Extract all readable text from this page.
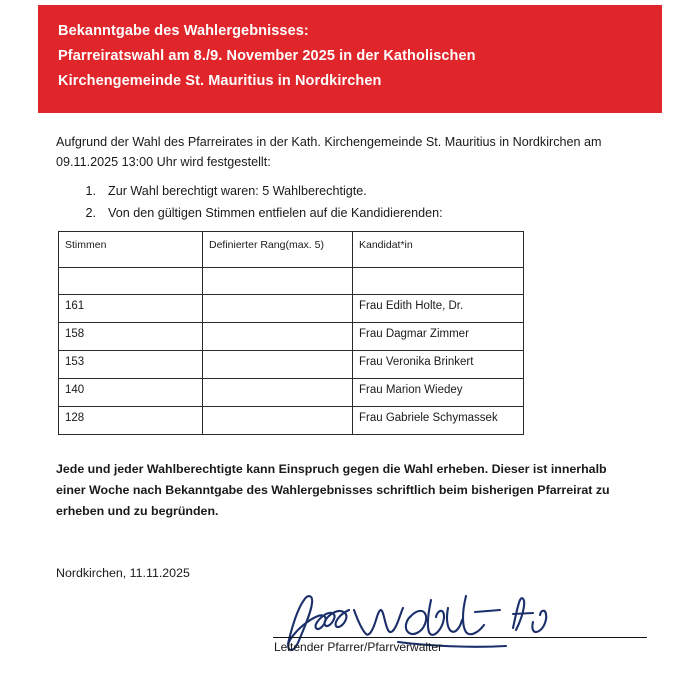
Bekanntgabe des Wahlergebnisses:
Pfarreiratswahl am 8./9. November 2025 in der Katholischen
Kirchengemeinde St. Mauritius in Nordkirchen
Aufgrund der Wahl des Pfarreirates in der Kath. Kirchengemeinde St. Mauritius in Nordkirchen am
09.11.2025 13:00 Uhr wird festgestellt:
1. Zur Wahl berechtigt waren: 5 Wahlberechtigte.
2. Von den gültigen Stimmen entfielen auf die Kandidierenden:
Stimmen	Definierter Rang(max. 5)	Kandidat*in

161		Frau Edith Holte, Dr.
158		Frau Dagmar Zimmer
153		Frau Veronika Brinkert
140		Frau Marion Wiedey
128		Frau Gabriele Schymassek
Jede und jeder Wahlberechtigte kann Einspruch gegen die Wahl erheben. Dieser ist innerhalb
einer Woche nach Bekanntgabe des Wahlergebnisses schriftlich beim bisherigen Pfarreirat zu
erheben und zu begründen.
Nordkirchen, 11.11.2025
Leitender Pfarrer/Pfarrverwalter
